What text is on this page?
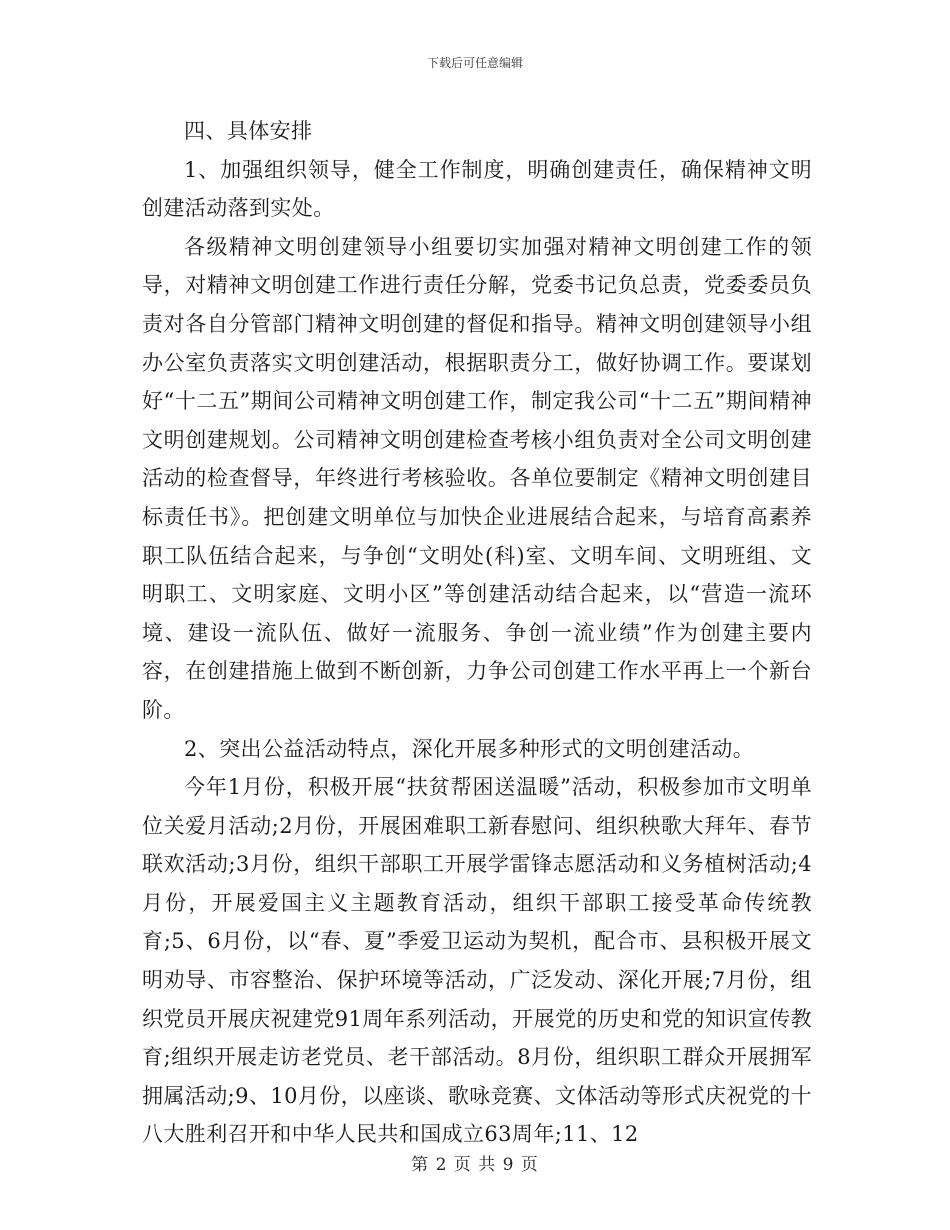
下载后可任意编辑

四、具体安排

1、加强组织领导，健全工作制度，明确创建责任，确保精神文明创建活动落到实处。

各级精神文明创建领导小组要切实加强对精神文明创建工作的领导，对精神文明创建工作进行责任分解，党委书记负总责，党委委员负责对各自分管部门精神文明创建的督促和指导。精神文明创建领导小组办公室负责落实文明创建活动，根据职责分工，做好协调工作。要谋划好“十二五”期间公司精神文明创建工作，制定我公司“十二五”期间精神文明创建规划。公司精神文明创建检查考核小组负责对全公司文明创建活动的检查督导，年终进行考核验收。各单位要制定《精神文明创建目标责任书》。把创建文明单位与加快企业进展结合起来，与培育高素养职工队伍结合起来，与争创“文明处(科)室、文明车间、文明班组、文明职工、文明家庭、文明小区”等创建活动结合起来，以“营造一流环境、建设一流队伍、做好一流服务、争创一流业绩”作为创建主要内容，在创建措施上做到不断创新，力争公司创建工作水平再上一个新台阶。

2、突出公益活动特点，深化开展多种形式的文明创建活动。

今年1月份，积极开展“扶贫帮困送温暖”活动，积极参加市文明单位关爱月活动;2月份，开展困难职工新春慰问、组织秧歌大拜年、春节联欢活动;3月份，组织干部职工开展学雷锋志愿活动和义务植树活动;4月份，开展爱国主义主题教育活动，组织干部职工接受革命传统教育;5、6月份，以“春、夏”季爱卫运动为契机，配合市、县积极开展文明劝导、市容整治、保护环境等活动，广泛发动、深化开展;7月份，组织党员开展庆祝建党91周年系列活动，开展党的历史和党的知识宣传教育;组织开展走访老党员、老干部活动。8月份，组织职工群众开展拥军拥属活动;9、10月份，以座谈、歌咏竞赛、文体活动等形式庆祝党的十八大胜利召开和中华人民共和国成立63周年;11、12

第 2 页 共 9 页
